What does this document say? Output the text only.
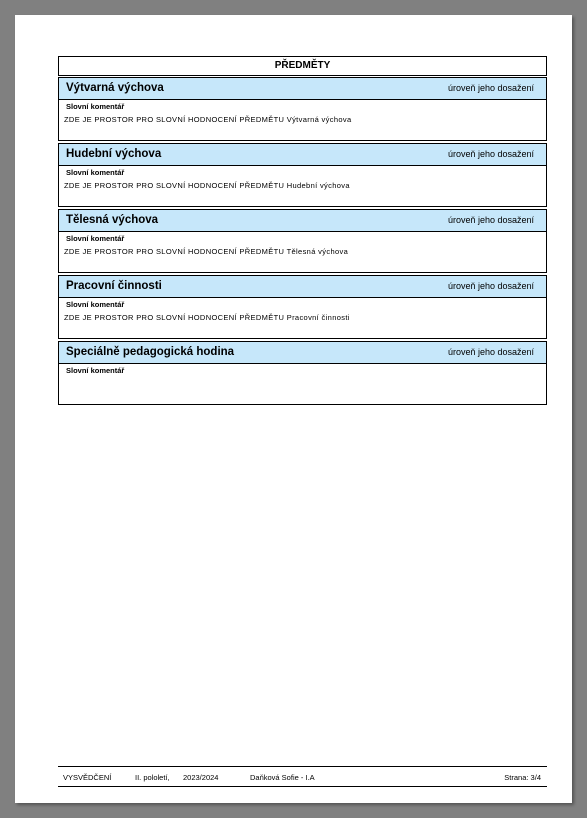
PŘEDMĚTY
Výtvarná výchova	úroveň jeho dosažení
Slovní komentář
ZDE JE PROSTOR PRO SLOVNÍ HODNOCENÍ PŘEDMĚTU Výtvarná výchova
Hudební výchova	úroveň jeho dosažení
Slovní komentář
ZDE JE PROSTOR PRO SLOVNÍ HODNOCENÍ PŘEDMĚTU Hudební výchova
Tělesná výchova	úroveň jeho dosažení
Slovní komentář
ZDE JE PROSTOR PRO SLOVNÍ HODNOCENÍ PŘEDMĚTU Tělesná výchova
Pracovní činnosti	úroveň jeho dosažení
Slovní komentář
ZDE JE PROSTOR PRO SLOVNÍ HODNOCENÍ PŘEDMĚTU Pracovní činnosti
Speciálně pedagogická hodina	úroveň jeho dosažení
Slovní komentář
VYSVĚDČENÍ	II. pololetí, 2023/2024	Daňková Sofie - I.A	Strana: 3/4
